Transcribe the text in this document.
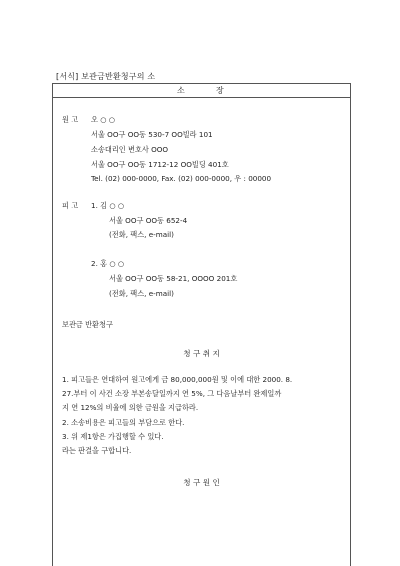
[서식] 보관금반환청구의 소
소	장
원 고 오 ○ ○
서울 OO구 OO동 530-7 OO빌라 101
소송대리인 변호사 OOO
서울 OO구 OO동 1712-12 OO빌딩 401호
Tel. (02) 000-0000, Fax. (02) 000-0000, 우 : 00000
피 고 1. 김 ○ ○
서울 OO구 OO동 652-4
(전화, 팩스, e-mail)
2. 홍 ○ ○
서울 OO구 OO동 58-21, OOOO 201호
(전화, 팩스, e-mail)
보관금 반환청구
청 구 취 지
1. 피고들은 연대하여 원고에게 금 80,000,000원 및 이에 대한 2000. 8.
27.부터 이 사건 소장 부본송달일까지 연 5%, 그 다음날부터 완제일까
지 연 12%의 비율에 의한 금원을 지급하라.
2. 소송비용은 피고들의 부담으로 한다.
3. 위 제1항은 가집행할 수 있다.
라는 판결을 구합니다.
청 구 원 인
